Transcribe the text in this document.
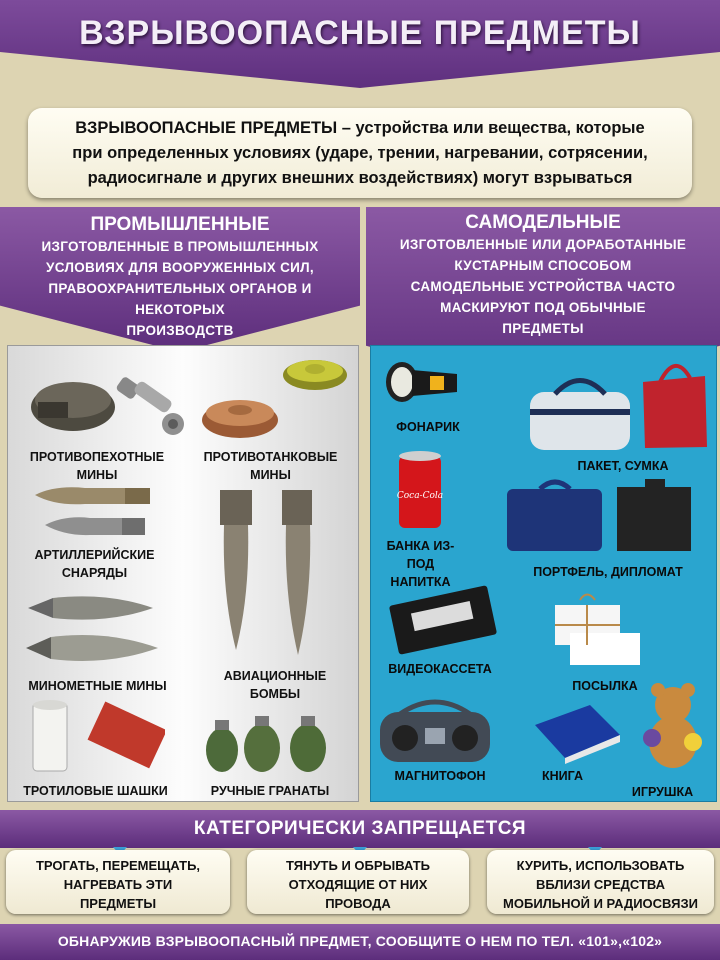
ВЗРЫВООПАСНЫЕ ПРЕДМЕТЫ
ВЗРЫВООПАСНЫЕ ПРЕДМЕТЫ – устройства или вещества, которые
при определенных условиях (ударе, трении, нагревании, сотрясении,
радиосигнале и других внешних воздействиях) могут взрываться
ПРОМЫШЛЕННЫЕ
ИЗГОТОВЛЕННЫЕ В ПРОМЫШЛЕННЫХ
УСЛОВИЯХ ДЛЯ ВООРУЖЕННЫХ СИЛ,
ПРАВООХРАНИТЕЛЬНЫХ ОРГАНОВ И
НЕКОТОРЫХ
ПРОИЗВОДСТВ
САМОДЕЛЬНЫЕ
ИЗГОТОВЛЕННЫЕ ИЛИ ДОРАБОТАННЫЕ
КУСТАРНЫМ СПОСОБОМ
САМОДЕЛЬНЫЕ УСТРОЙСТВА ЧАСТО
МАСКИРУЮТ ПОД ОБЫЧНЫЕ
ПРЕДМЕТЫ
ПРОТИВОПЕХОТНЫЕ
МИНЫ
ПРОТИВОТАНКОВЫЕ
МИНЫ
АРТИЛЛЕРИЙСКИЕ
СНАРЯДЫ
МИНОМЕТНЫЕ МИНЫ
АВИАЦИОННЫЕ
БОМБЫ
ТРОТИЛОВЫЕ ШАШКИ	РУЧНЫЕ ГРАНАТЫ
ФОНАРИК
ПАКЕТ, СУМКА
Coca-Cola
БАНКА ИЗ-ПОД
НАПИТКА
ПОРТФЕЛЬ, ДИПЛОМАТ
ВИДЕОКАССЕТА
ПОСЫЛКА
МАГНИТОФОН	КНИГА
ИГРУШКА
КАТЕГОРИЧЕСКИ ЗАПРЕЩАЕТСЯ
ТРОГАТЬ, ПЕРЕМЕЩАТЬ,
НАГРЕВАТЬ ЭТИ
ПРЕДМЕТЫ
ТЯНУТЬ И ОБРЫВАТЬ
ОТХОДЯЩИЕ ОТ НИХ
ПРОВОДА
КУРИТЬ, ИСПОЛЬЗОВАТЬ
ВБЛИЗИ СРЕДСТВА
МОБИЛЬНОЙ И РАДИОСВЯЗИ
ОБНАРУЖИВ ВЗРЫВООПАСНЫЙ ПРЕДМЕТ, СООБЩИТЕ О НЕМ ПО ТЕЛ. «101»,«102»
